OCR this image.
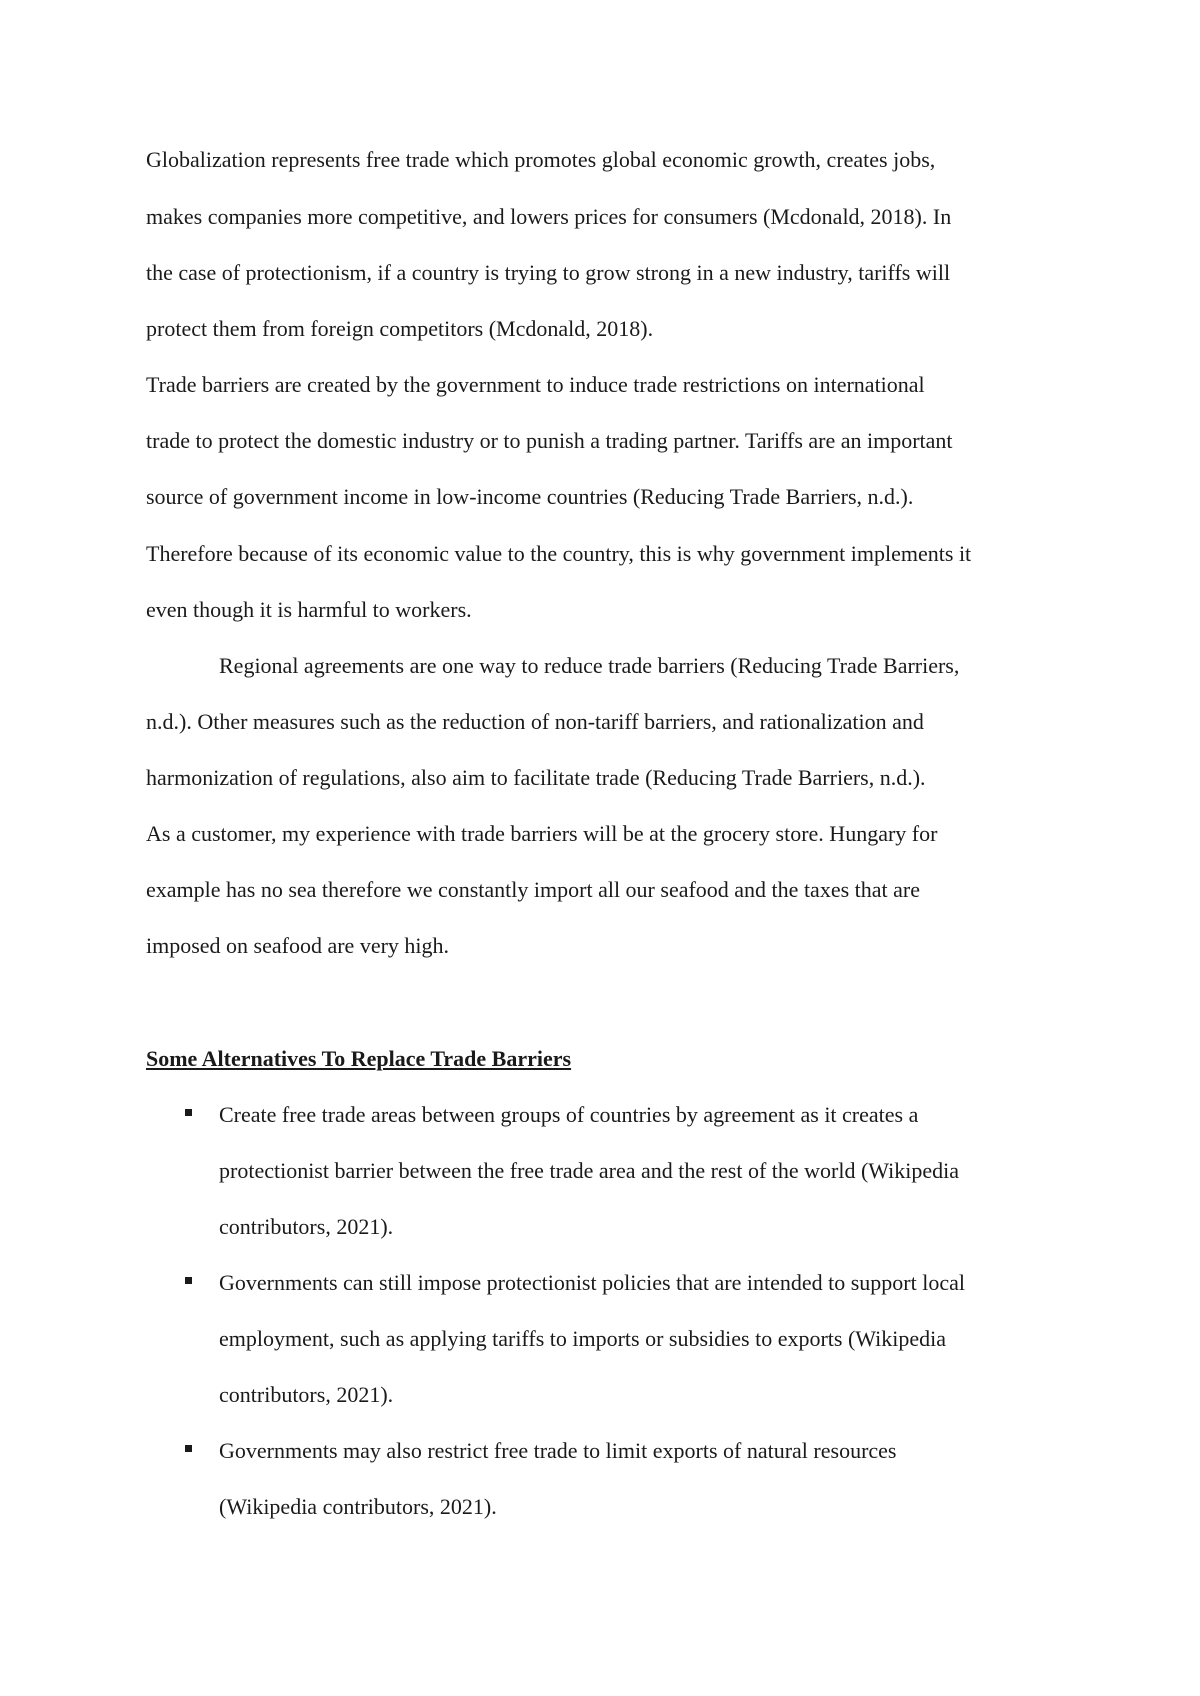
Globalization represents free trade which promotes global economic growth, creates jobs,
makes companies more competitive, and lowers prices for consumers (Mcdonald, 2018). In
the case of protectionism, if a country is trying to grow strong in a new industry, tariffs will
protect them from foreign competitors (Mcdonald, 2018).
Trade barriers are created by the government to induce trade restrictions on international
trade to protect the domestic industry or to punish a trading partner. Tariffs are an important
source of government income in low-income countries (Reducing Trade Barriers, n.d.).
Therefore because of its economic value to the country, this is why government implements it
even though it is harmful to workers.
Regional agreements are one way to reduce trade barriers (Reducing Trade Barriers,
n.d.). Other measures such as the reduction of non-tariff barriers, and rationalization and
harmonization of regulations, also aim to facilitate trade (Reducing Trade Barriers, n.d.).
As a customer, my experience with trade barriers will be at the grocery store. Hungary for
example has no sea therefore we constantly import all our seafood and the taxes that are
imposed on seafood are very high.
Some Alternatives To Replace Trade Barriers
Create free trade areas between groups of countries by agreement as it creates a
protectionist barrier between the free trade area and the rest of the world (Wikipedia
contributors, 2021).
Governments can still impose protectionist policies that are intended to support local
employment, such as applying tariffs to imports or subsidies to exports (Wikipedia
contributors, 2021).
Governments may also restrict free trade to limit exports of natural resources
(Wikipedia contributors, 2021).
